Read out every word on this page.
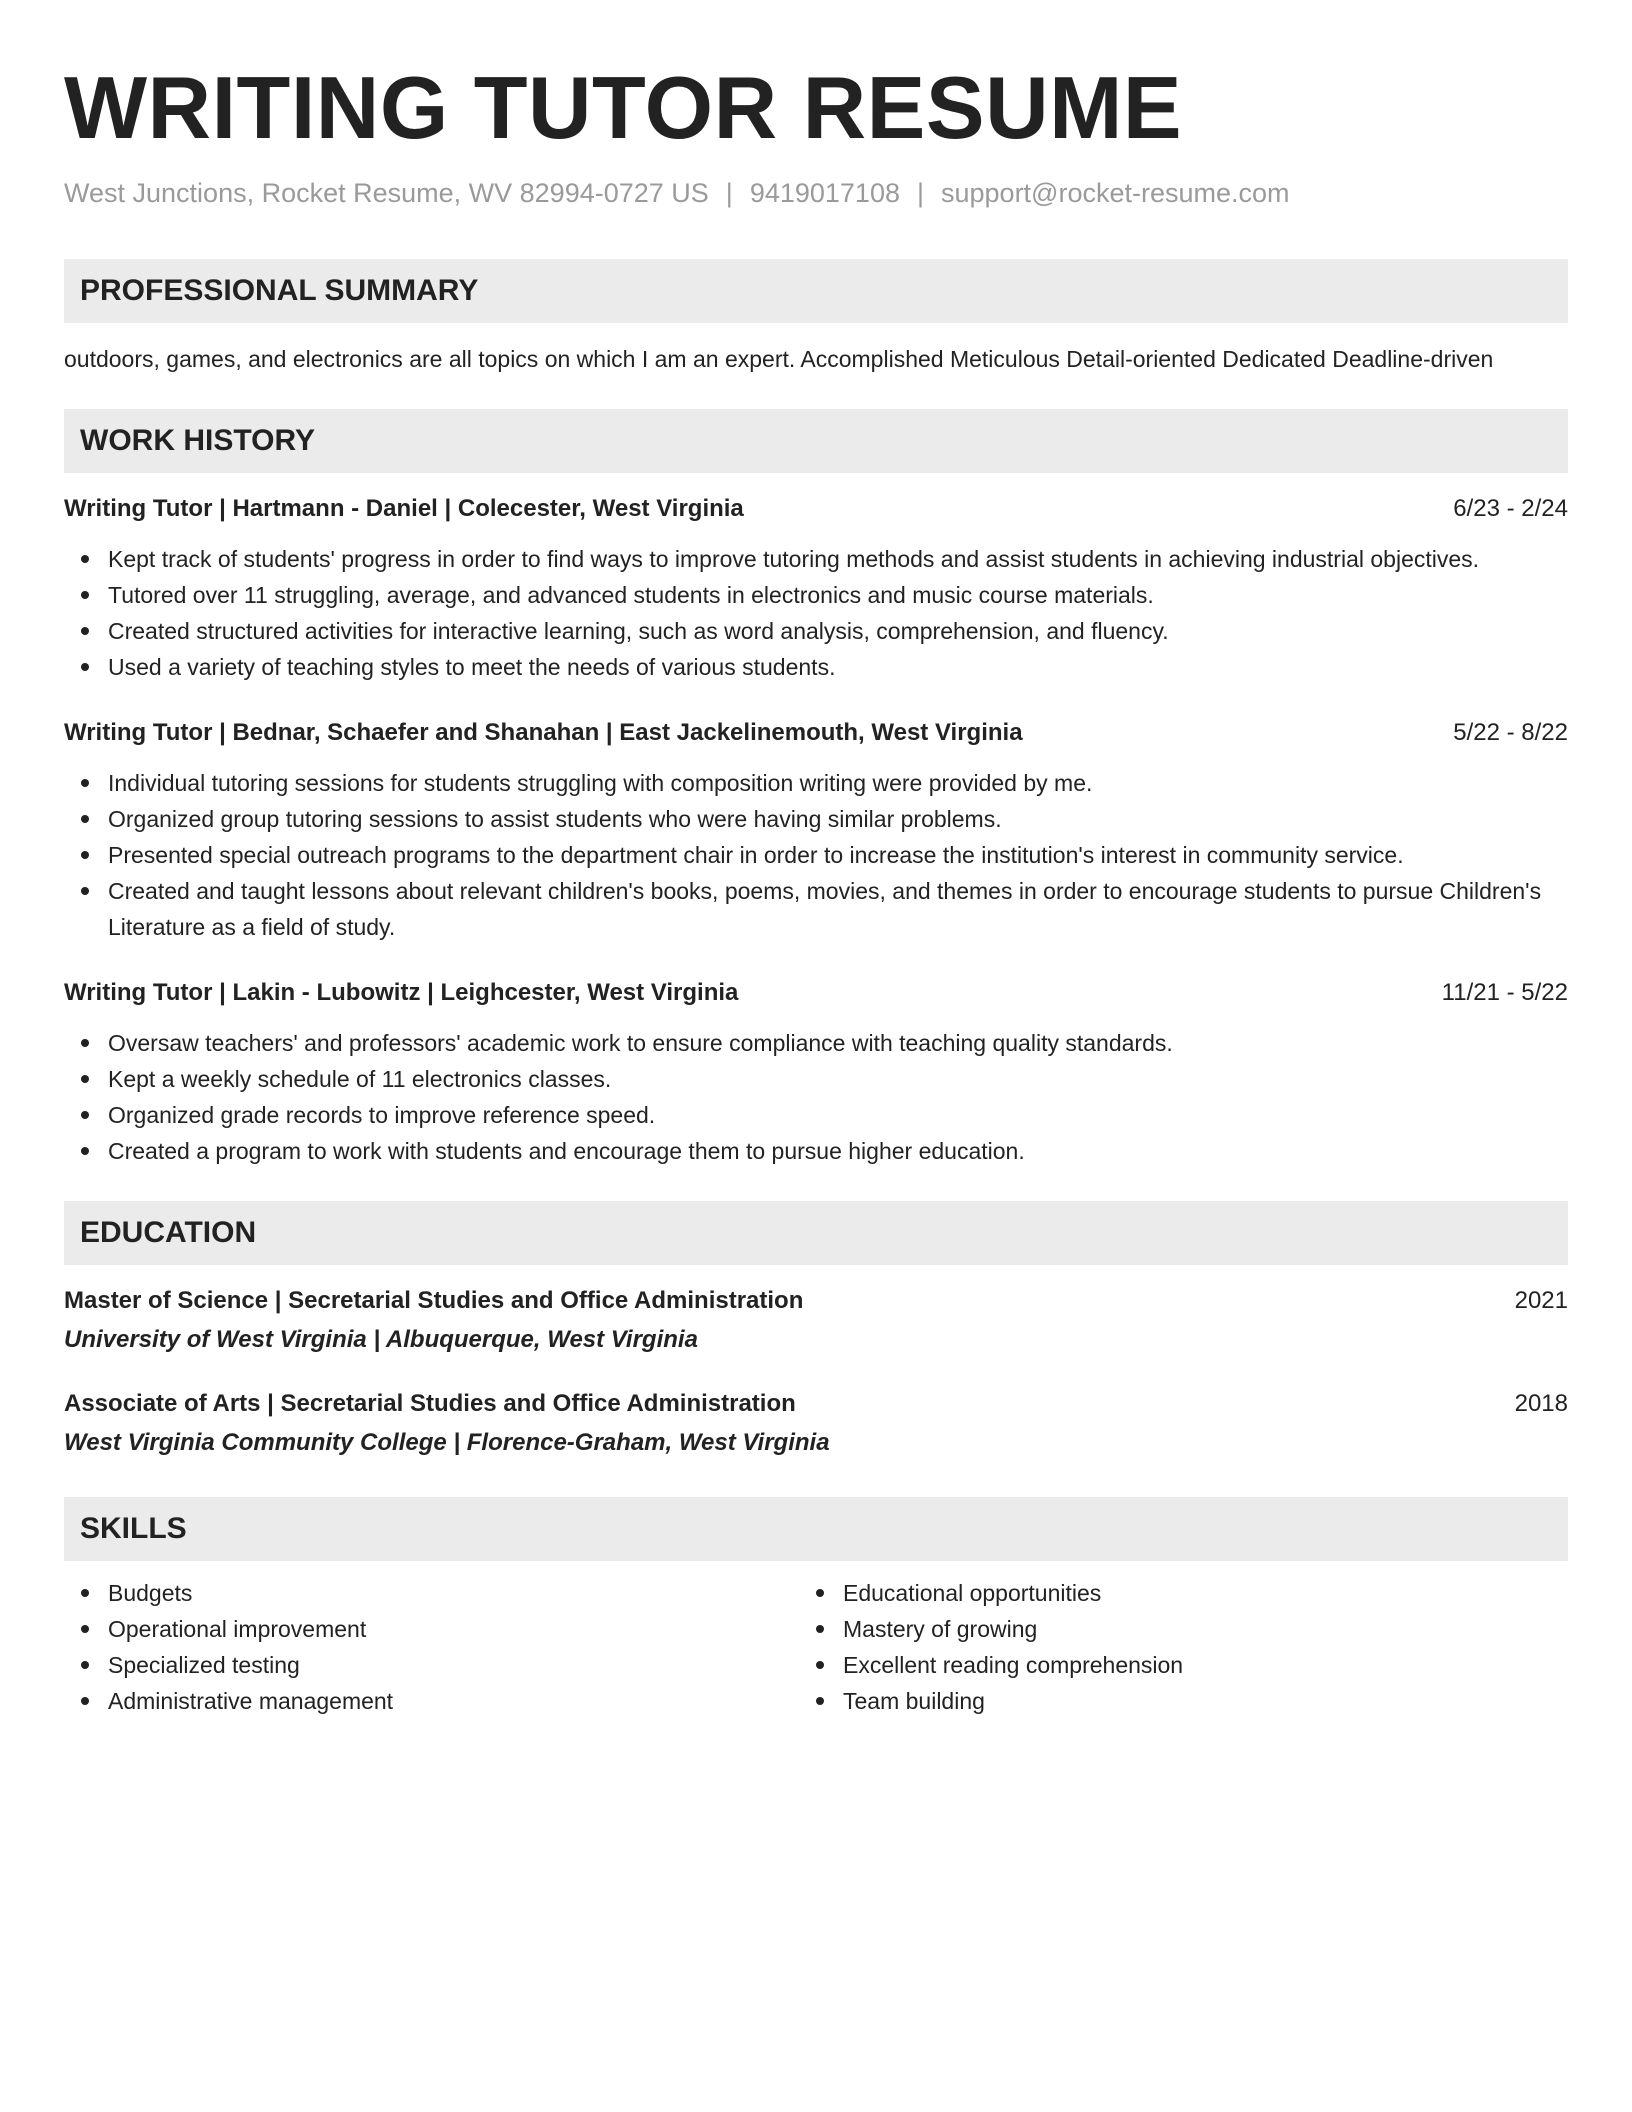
WRITING TUTOR RESUME
West Junctions, Rocket Resume, WV 82994-0727 US | 9419017108 | support@rocket-resume.com
PROFESSIONAL SUMMARY

outdoors, games, and electronics are all topics on which I am an expert. Accomplished Meticulous Detail-oriented Dedicated Deadline-driven

WORK HISTORY
Writing Tutor | Hartmann - Daniel | Colecester, West Virginia	6/23 - 2/24
Kept track of students' progress in order to find ways to improve tutoring methods and assist students in achieving industrial objectives.
Tutored over 11 struggling, average, and advanced students in electronics and music course materials.
Created structured activities for interactive learning, such as word analysis, comprehension, and fluency.
Used a variety of teaching styles to meet the needs of various students.
Writing Tutor | Bednar, Schaefer and Shanahan | East Jackelinemouth, West Virginia	5/22 - 8/22
Individual tutoring sessions for students struggling with composition writing were provided by me.
Organized group tutoring sessions to assist students who were having similar problems.
Presented special outreach programs to the department chair in order to increase the institution's interest in community service.
Created and taught lessons about relevant children's books, poems, movies, and themes in order to encourage students to pursue Children's Literature as a field of study.
Writing Tutor | Lakin - Lubowitz | Leighcester, West Virginia	11/21 - 5/22
Oversaw teachers' and professors' academic work to ensure compliance with teaching quality standards.
Kept a weekly schedule of 11 electronics classes.
Organized grade records to improve reference speed.
Created a program to work with students and encourage them to pursue higher education.
EDUCATION
Master of Science | Secretarial Studies and Office Administration	2021
University of West Virginia | Albuquerque, West Virginia
Associate of Arts | Secretarial Studies and Office Administration	2018
West Virginia Community College | Florence-Graham, West Virginia
SKILLS
Budgets
Operational improvement
Specialized testing
Administrative management
Educational opportunities
Mastery of growing
Excellent reading comprehension
Team building
